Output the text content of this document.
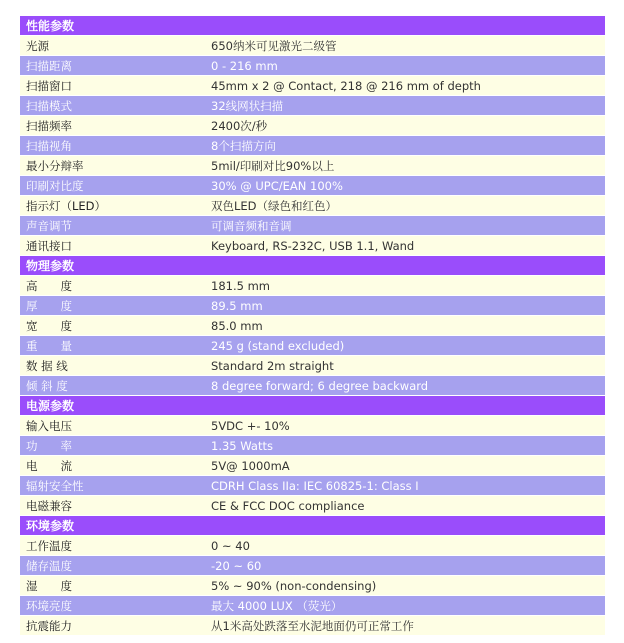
性能参数
光源	650纳米可见激光二级管
扫描距离	0 - 216 mm
扫描窗口	45mm x 2 @ Contact, 218 @ 216 mm of depth
扫描模式	32线网状扫描
扫描频率	2400次/秒
扫描视角	8个扫描方向
最小分辩率	5mil/印刷对比90%以上
印刷对比度	30% @ UPC/EAN 100%
指示灯（LED）	双色LED（绿色和红色）
声音调节	可调音频和音调
通讯接口	Keyboard, RS-232C, USB 1.1, Wand
物理参数
高　　度	181.5 mm
厚　　度	89.5 mm
宽　　度	85.0 mm
重　　量	245 g (stand excluded)
数 据 线	Standard 2m straight
倾 斜 度	8 degree forward; 6 degree backward
电源参数
输入电压	5VDC +- 10%
功　　率	1.35 Watts
电　　流	5V@ 1000mA
辐射安全性	CDRH Class IIa: IEC 60825-1: Class I
电磁兼容	CE & FCC DOC compliance
环境参数
工作温度	0 ~ 40
储存温度	-20 ~ 60
湿　　度	5% ~ 90% (non-condensing)
环境亮度	最大 4000 LUX （荧光）
抗震能力	从1米高处跌落至水泥地面仍可正常工作
